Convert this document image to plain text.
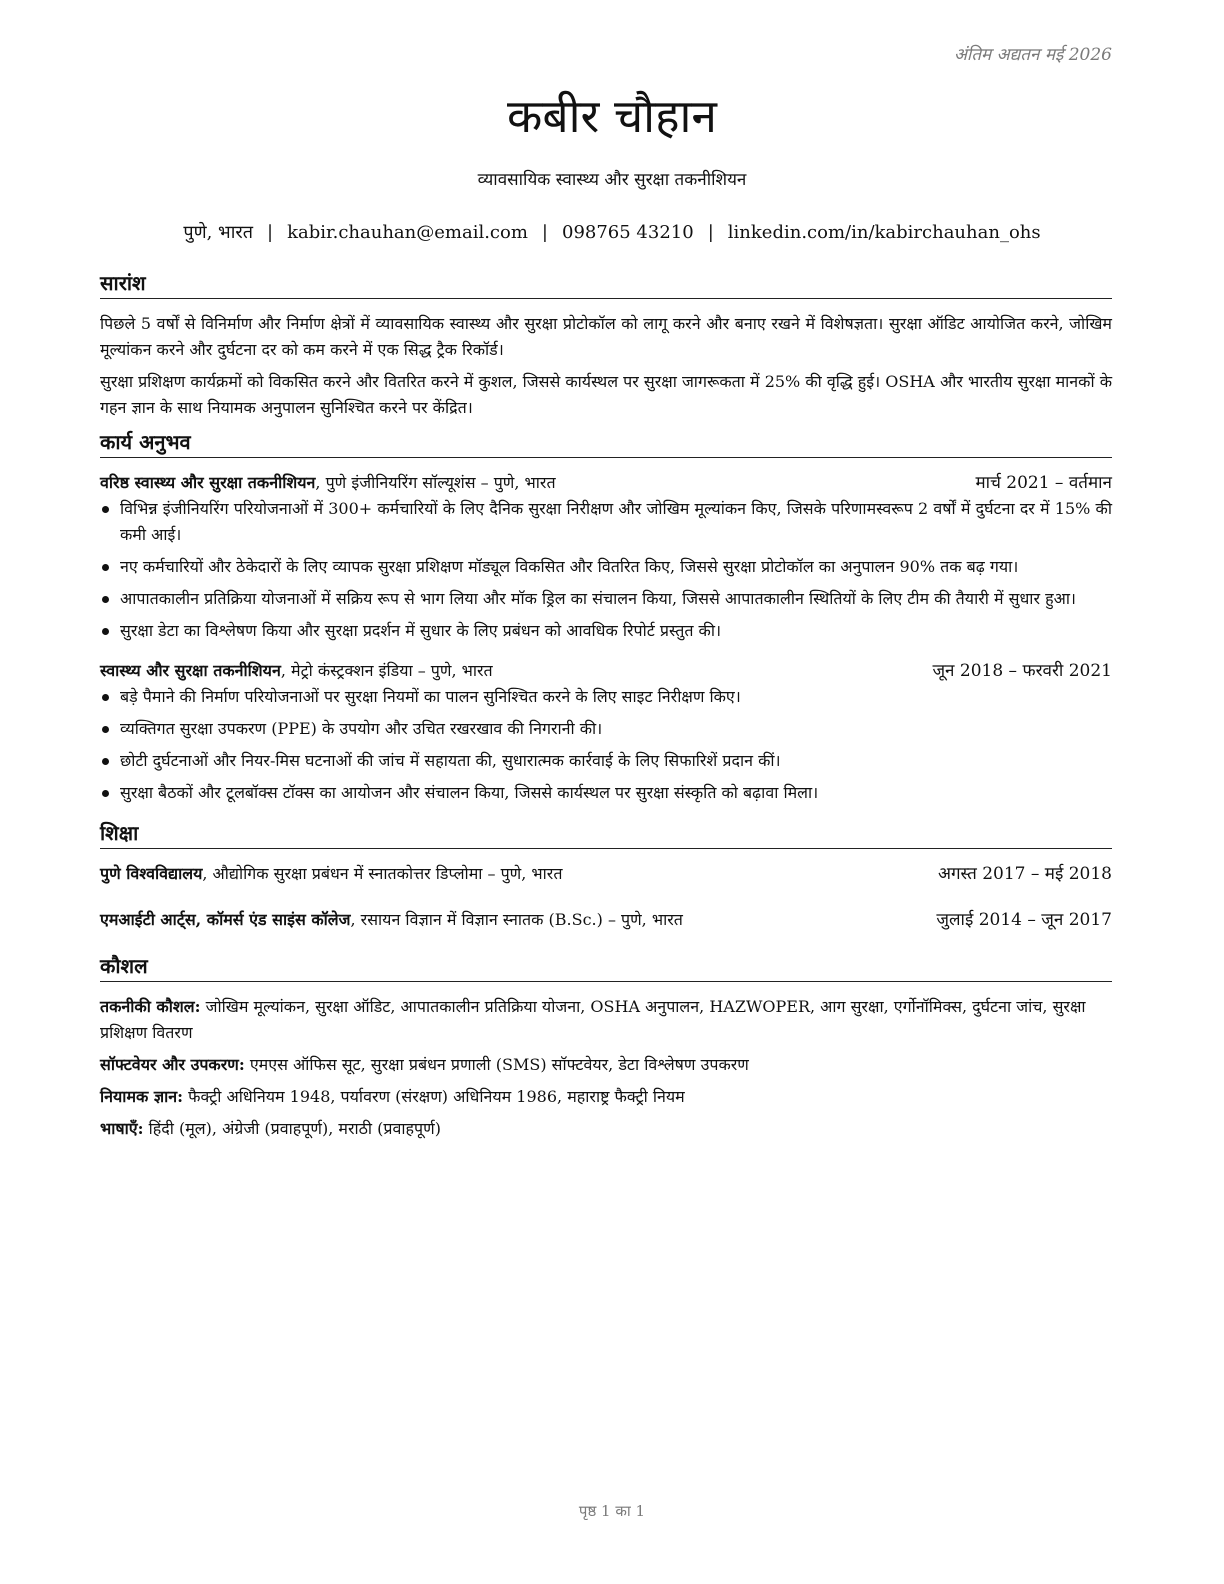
अंतिम अद्यतन मई 2026
कबीर चौहान
व्यावसायिक स्वास्थ्य और सुरक्षा तकनीशियन
पुणे, भारत | kabir.chauhan@email.com | 098765 43210 | linkedin.com/in/kabirchauhan_ohs
सारांश

पिछले 5 वर्षों से विनिर्माण और निर्माण क्षेत्रों में व्यावसायिक स्वास्थ्य और सुरक्षा प्रोटोकॉल को लागू करने और बनाए रखने में विशेषज्ञता। सुरक्षा ऑडिट आयोजित करने, जोखिम मूल्यांकन करने और दुर्घटना दर को कम करने में एक सिद्ध ट्रैक रिकॉर्ड।

सुरक्षा प्रशिक्षण कार्यक्रमों को विकसित करने और वितरित करने में कुशल, जिससे कार्यस्थल पर सुरक्षा जागरूकता में 25% की वृद्धि हुई। OSHA और भारतीय सुरक्षा मानकों के गहन ज्ञान के साथ नियामक अनुपालन सुनिश्चित करने पर केंद्रित।

कार्य अनुभव
वरिष्ठ स्वास्थ्य और सुरक्षा तकनीशियन, पुणे इंजीनियरिंग सॉल्यूशंस – पुणे, भारत	मार्च 2021 – वर्तमान
विभिन्न इंजीनियरिंग परियोजनाओं में 300+ कर्मचारियों के लिए दैनिक सुरक्षा निरीक्षण और जोखिम मूल्यांकन किए, जिसके परिणामस्वरूप 2 वर्षों में दुर्घटना दर में 15% की कमी आई।
नए कर्मचारियों और ठेकेदारों के लिए व्यापक सुरक्षा प्रशिक्षण मॉड्यूल विकसित और वितरित किए, जिससे सुरक्षा प्रोटोकॉल का अनुपालन 90% तक बढ़ गया।
आपातकालीन प्रतिक्रिया योजनाओं में सक्रिय रूप से भाग लिया और मॉक ड्रिल का संचालन किया, जिससे आपातकालीन स्थितियों के लिए टीम की तैयारी में सुधार हुआ।
सुरक्षा डेटा का विश्लेषण किया और सुरक्षा प्रदर्शन में सुधार के लिए प्रबंधन को आवधिक रिपोर्ट प्रस्तुत की।
स्वास्थ्य और सुरक्षा तकनीशियन, मेट्रो कंस्ट्रक्शन इंडिया – पुणे, भारत	जून 2018 – फरवरी 2021
बड़े पैमाने की निर्माण परियोजनाओं पर सुरक्षा नियमों का पालन सुनिश्चित करने के लिए साइट निरीक्षण किए।
व्यक्तिगत सुरक्षा उपकरण (PPE) के उपयोग और उचित रखरखाव की निगरानी की।
छोटी दुर्घटनाओं और नियर-मिस घटनाओं की जांच में सहायता की, सुधारात्मक कार्रवाई के लिए सिफारिशें प्रदान कीं।
सुरक्षा बैठकों और टूलबॉक्स टॉक्स का आयोजन और संचालन किया, जिससे कार्यस्थल पर सुरक्षा संस्कृति को बढ़ावा मिला।
शिक्षा
पुणे विश्वविद्यालय, औद्योगिक सुरक्षा प्रबंधन में स्नातकोत्तर डिप्लोमा – पुणे, भारत	अगस्त 2017 – मई 2018
एमआईटी आर्ट्स, कॉमर्स एंड साइंस कॉलेज, रसायन विज्ञान में विज्ञान स्नातक (B.Sc.) – पुणे, भारत	जुलाई 2014 – जून 2017
कौशल
तकनीकी कौशल: जोखिम मूल्यांकन, सुरक्षा ऑडिट, आपातकालीन प्रतिक्रिया योजना, OSHA अनुपालन, HAZWOPER, आग सुरक्षा, एर्गोनॉमिक्स, दुर्घटना जांच, सुरक्षा प्रशिक्षण वितरण
सॉफ्टवेयर और उपकरण: एमएस ऑफिस सूट, सुरक्षा प्रबंधन प्रणाली (SMS) सॉफ्टवेयर, डेटा विश्लेषण उपकरण
नियामक ज्ञान: फैक्ट्री अधिनियम 1948, पर्यावरण (संरक्षण) अधिनियम 1986, महाराष्ट्र फैक्ट्री नियम
भाषाएँ: हिंदी (मूल), अंग्रेजी (प्रवाहपूर्ण), मराठी (प्रवाहपूर्ण)
पृष्ठ 1 का 1
